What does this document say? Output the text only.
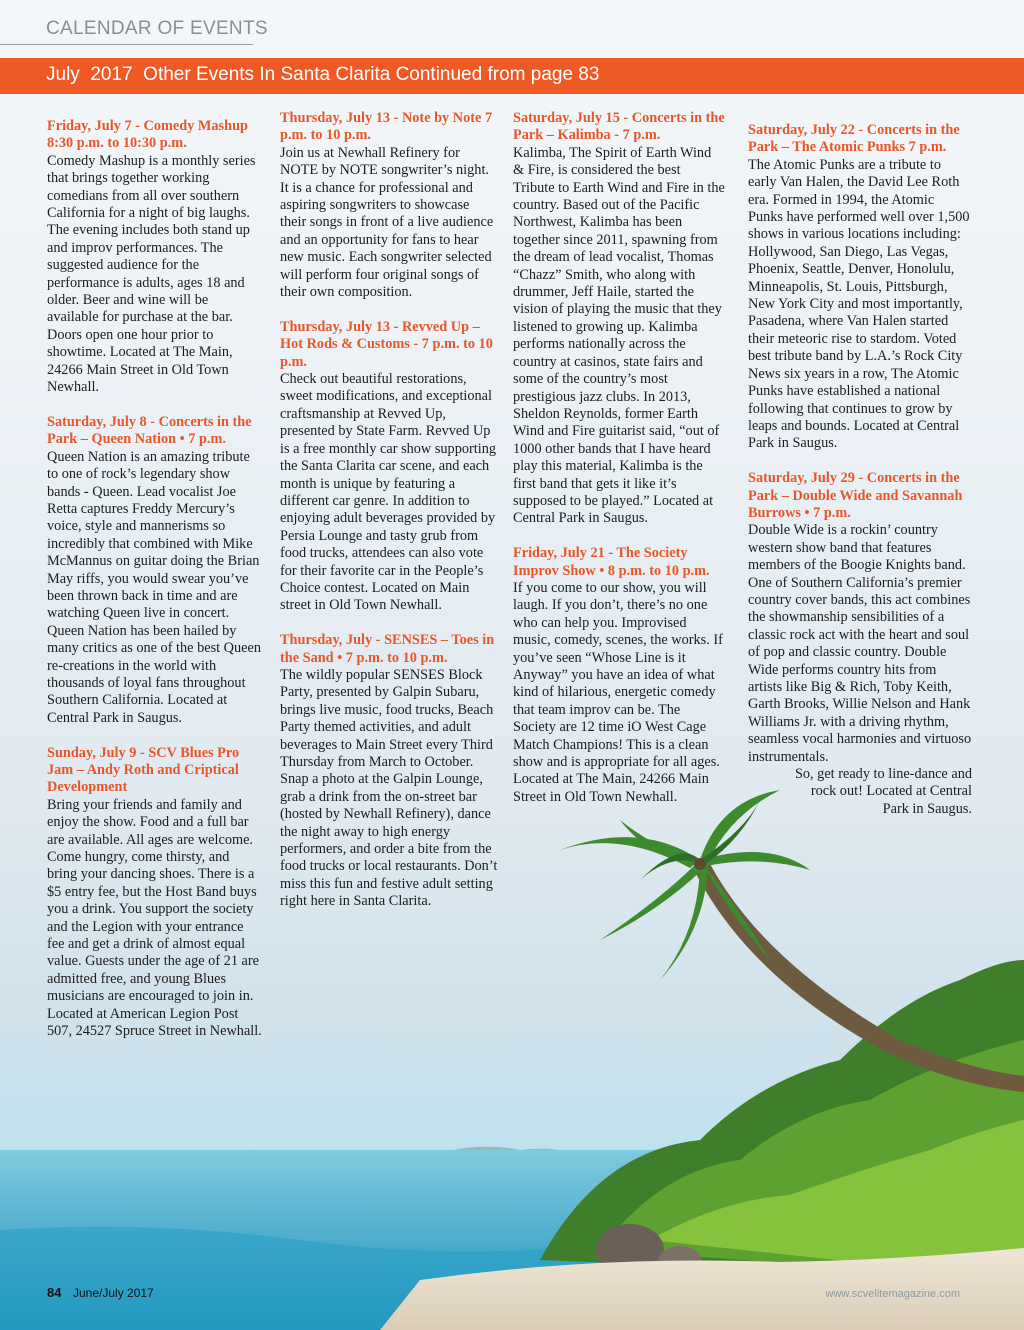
CALENDAR OF EVENTS
July  2017  Other Events In Santa Clarita Continued from page 83

Friday, July 7 - Comedy Mashup 8:30 p.m. to 10:30 p.m.
Comedy Mashup is a monthly series that brings together working comedians from all over southern California for a night of big laughs. The evening includes both stand up and improv performances. The suggested audience for the performance is adults, ages 18 and older. Beer and wine will be available for purchase at the bar. Doors open one hour prior to showtime. Located at The Main, 24266 Main Street in Old Town Newhall.

Saturday, July 8 - Concerts in the Park – Queen Nation • 7 p.m.
Queen Nation is an amazing tribute to one of rock’s legendary show bands - Queen. Lead vocalist Joe Retta captures Freddy Mercury’s voice, style and mannerisms so incredibly that combined with Mike McMannus on guitar doing the Brian May riffs, you would swear you’ve been thrown back in time and are watching Queen live in concert. Queen Nation has been hailed by many critics as one of the best Queen re-creations in the world with thousands of loyal fans throughout Southern California. Located at Central Park in Saugus.

Sunday, July 9 - SCV Blues Pro Jam – Andy Roth and Criptical Development
Bring your friends and family and enjoy the show. Food and a full bar are available. All ages are welcome. Come hungry, come thirsty, and bring your dancing shoes. There is a $5 entry fee, but the Host Band buys you a drink. You support the society and the Legion with your entrance fee and get a drink of almost equal value. Guests under the age of 21 are admitted free, and young Blues musicians are encouraged to join in. Located at American Legion Post 507, 24527 Spruce Street in Newhall.

Thursday, July 13 - Note by Note 7 p.m. to 10 p.m.
Join us at Newhall Refinery for NOTE by NOTE songwriter’s night. It is a chance for professional and aspiring songwriters to showcase their songs in front of a live audience and an opportunity for fans to hear new music. Each songwriter selected will perform four original songs of their own composition.

Thursday, July 13 - Revved Up – Hot Rods & Customs - 7 p.m. to 10 p.m.
Check out beautiful restorations, sweet modifications, and exceptional craftsmanship at Revved Up, presented by State Farm. Revved Up is a free monthly car show supporting the Santa Clarita car scene, and each month is unique by featuring a different car genre. In addition to enjoying adult beverages provided by Persia Lounge and tasty grub from food trucks, attendees can also vote for their favorite car in the People’s Choice contest. Located on Main street in Old Town Newhall.

Thursday, July - SENSES – Toes in the Sand • 7 p.m. to 10 p.m.
The wildly popular SENSES Block Party, presented by Galpin Subaru, brings live music, food trucks, Beach Party themed activities, and adult beverages to Main Street every Third Thursday from March to October. Snap a photo at the Galpin Lounge, grab a drink from the on-street bar (hosted by Newhall Refinery), dance the night away to high energy performers, and order a bite from the food trucks or local restaurants. Don’t miss this fun and festive adult setting right here in Santa Clarita.

Saturday, July 15 - Concerts in the Park – Kalimba - 7 p.m.
Kalimba, The Spirit of Earth Wind & Fire, is considered the best Tribute to Earth Wind and Fire in the country. Based out of the Pacific Northwest, Kalimba has been together since 2011, spawning from the dream of lead vocalist, Thomas “Chazz” Smith, who along with drummer, Jeff Haile, started the vision of playing the music that they listened to growing up. Kalimba performs nationally across the country at casinos, state fairs and some of the country’s most prestigious jazz clubs. In 2013, Sheldon Reynolds, former Earth Wind and Fire guitarist said, “out of 1000 other bands that I have heard play this material, Kalimba is the first band that gets it like it’s supposed to be played.” Located at Central Park in Saugus.

Friday, July 21 - The Society Improv Show • 8 p.m. to 10 p.m.
If you come to our show, you will laugh. If you don’t, there’s no one who can help you. Improvised music, comedy, scenes, the works. If you’ve seen “Whose Line is it Anyway” you have an idea of what kind of hilarious, energetic comedy that team improv can be. The Society are 12 time iO West Cage Match Champions! This is a clean show and is appropriate for all ages. Located at The Main, 24266 Main Street in Old Town Newhall.

Saturday, July 22 - Concerts in the Park – The Atomic Punks 7 p.m.
The Atomic Punks are a tribute to early Van Halen, the David Lee Roth era. Formed in 1994, the Atomic Punks have performed well over 1,500 shows in various locations including: Hollywood, San Diego, Las Vegas, Phoenix, Seattle, Denver, Honolulu, Minneapolis, St. Louis, Pittsburgh, New York City and most importantly, Pasadena, where Van Halen started their meteoric rise to stardom. Voted best tribute band by L.A.’s Rock City News six years in a row, The Atomic Punks have established a national following that continues to grow by leaps and bounds. Located at Central Park in Saugus.

Saturday, July 29 - Concerts in the Park – Double Wide and Savannah Burrows • 7 p.m.
Double Wide is a rockin’ country western show band that features members of the Boogie Knights band. One of Southern California’s premier country cover bands, this act combines the showmanship sensibilities of a classic rock act with the heart and soul of pop and classic country. Double Wide performs country hits from artists like Big & Rich, Toby Keith, Garth Brooks, Willie Nelson and Hank Williams Jr. with a driving rhythm, seamless vocal harmonies and virtuoso instrumentals.
So, get ready to line-dance and rock out! Located at Central Park in Saugus.

84 June/July 2017	www.scvelitemagazine.com
